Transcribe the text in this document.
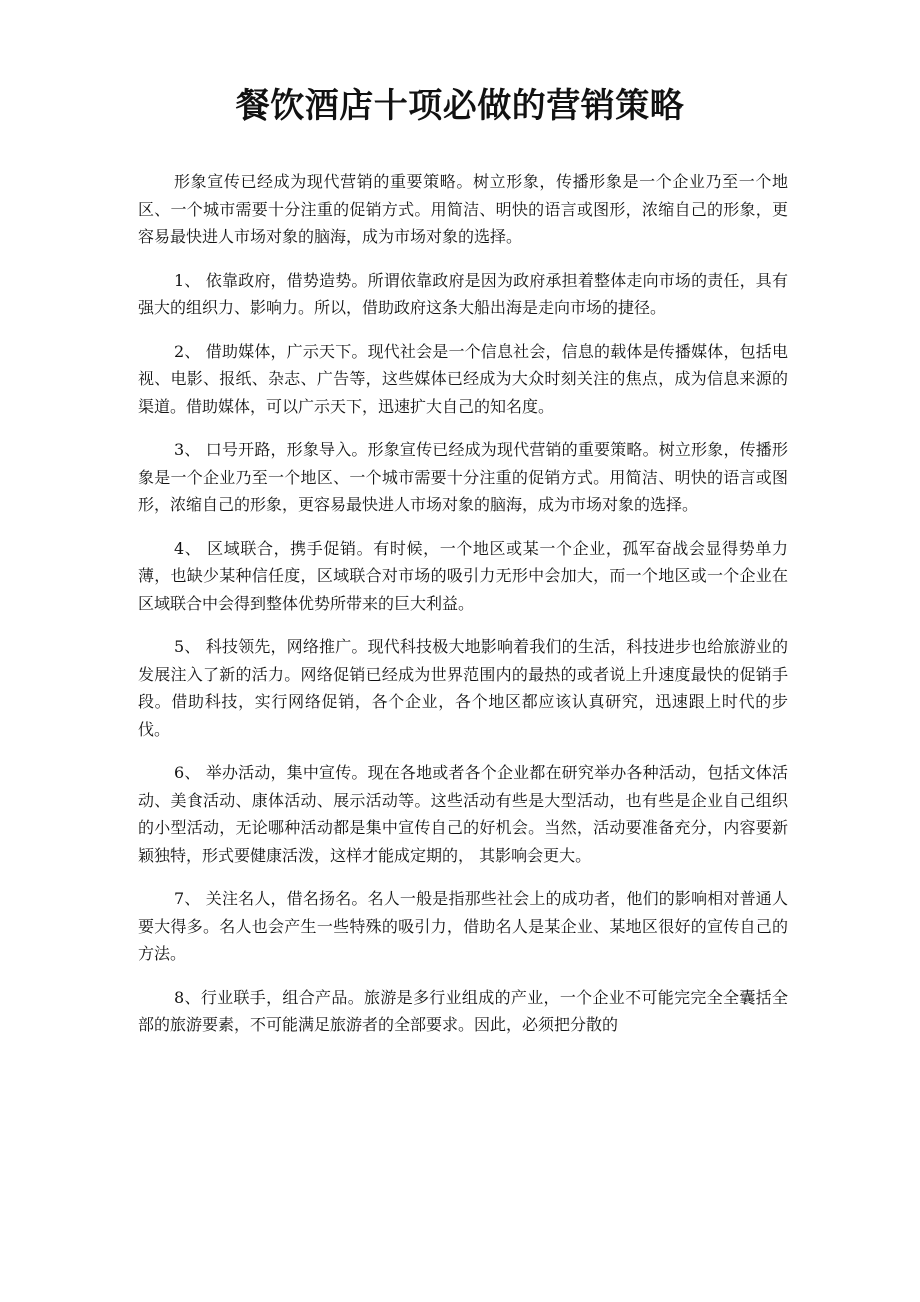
餐饮酒店十项必做的营销策略

形象宣传已经成为现代营销的重要策略。树立形象，传播形象是一个企业乃至一个地区、一个城市需要十分注重的促销方式。用简洁、明快的语言或图形，浓缩自己的形象，更容易最快进人市场对象的脑海，成为市场对象的选择。

1、 依靠政府，借势造势。所谓依靠政府是因为政府承担着整体走向市场的责任，具有强大的组织力、影响力。所以，借助政府这条大船出海是走向市场的捷径。

2、 借助媒体，广示天下。现代社会是一个信息社会，信息的载体是传播媒体，包括电视、电影、报纸、杂志、广告等，这些媒体已经成为大众时刻关注的焦点，成为信息来源的渠道。借助媒体，可以广示天下，迅速扩大自己的知名度。

3、 口号开路，形象导入。形象宣传已经成为现代营销的重要策略。树立形象，传播形象是一个企业乃至一个地区、一个城市需要十分注重的促销方式。用简洁、明快的语言或图形，浓缩自己的形象，更容易最快进人市场对象的脑海，成为市场对象的选择。

4、 区域联合，携手促销。有时候，一个地区或某一个企业，孤军奋战会显得势单力薄，也缺少某种信任度，区域联合对市场的吸引力无形中会加大，而一个地区或一个企业在区域联合中会得到整体优势所带来的巨大利益。

5、 科技领先，网络推广。现代科技极大地影响着我们的生活，科技进步也给旅游业的发展注入了新的活力。网络促销已经成为世界范围内的最热的或者说上升速度最快的促销手段。借助科技，实行网络促销，各个企业，各个地区都应该认真研究，迅速跟上时代的步伐。

6、 举办活动，集中宣传。现在各地或者各个企业都在研究举办各种活动，包括文体活动、美食活动、康体活动、展示活动等。这些活动有些是大型活动，也有些是企业自己组织的小型活动，无论哪种活动都是集中宣传自己的好机会。当然，活动要准备充分，内容要新颖独特，形式要健康活泼，这样才能成定期的， 其影响会更大。

7、 关注名人，借名扬名。名人一般是指那些社会上的成功者，他们的影响相对普通人要大得多。名人也会产生一些特殊的吸引力，借助名人是某企业、某地区很好的宣传自己的方法。

8、行业联手，组合产品。旅游是多行业组成的产业，一个企业不可能完完全全囊括全部的旅游要素，不可能满足旅游者的全部要求。因此，必须把分散的
